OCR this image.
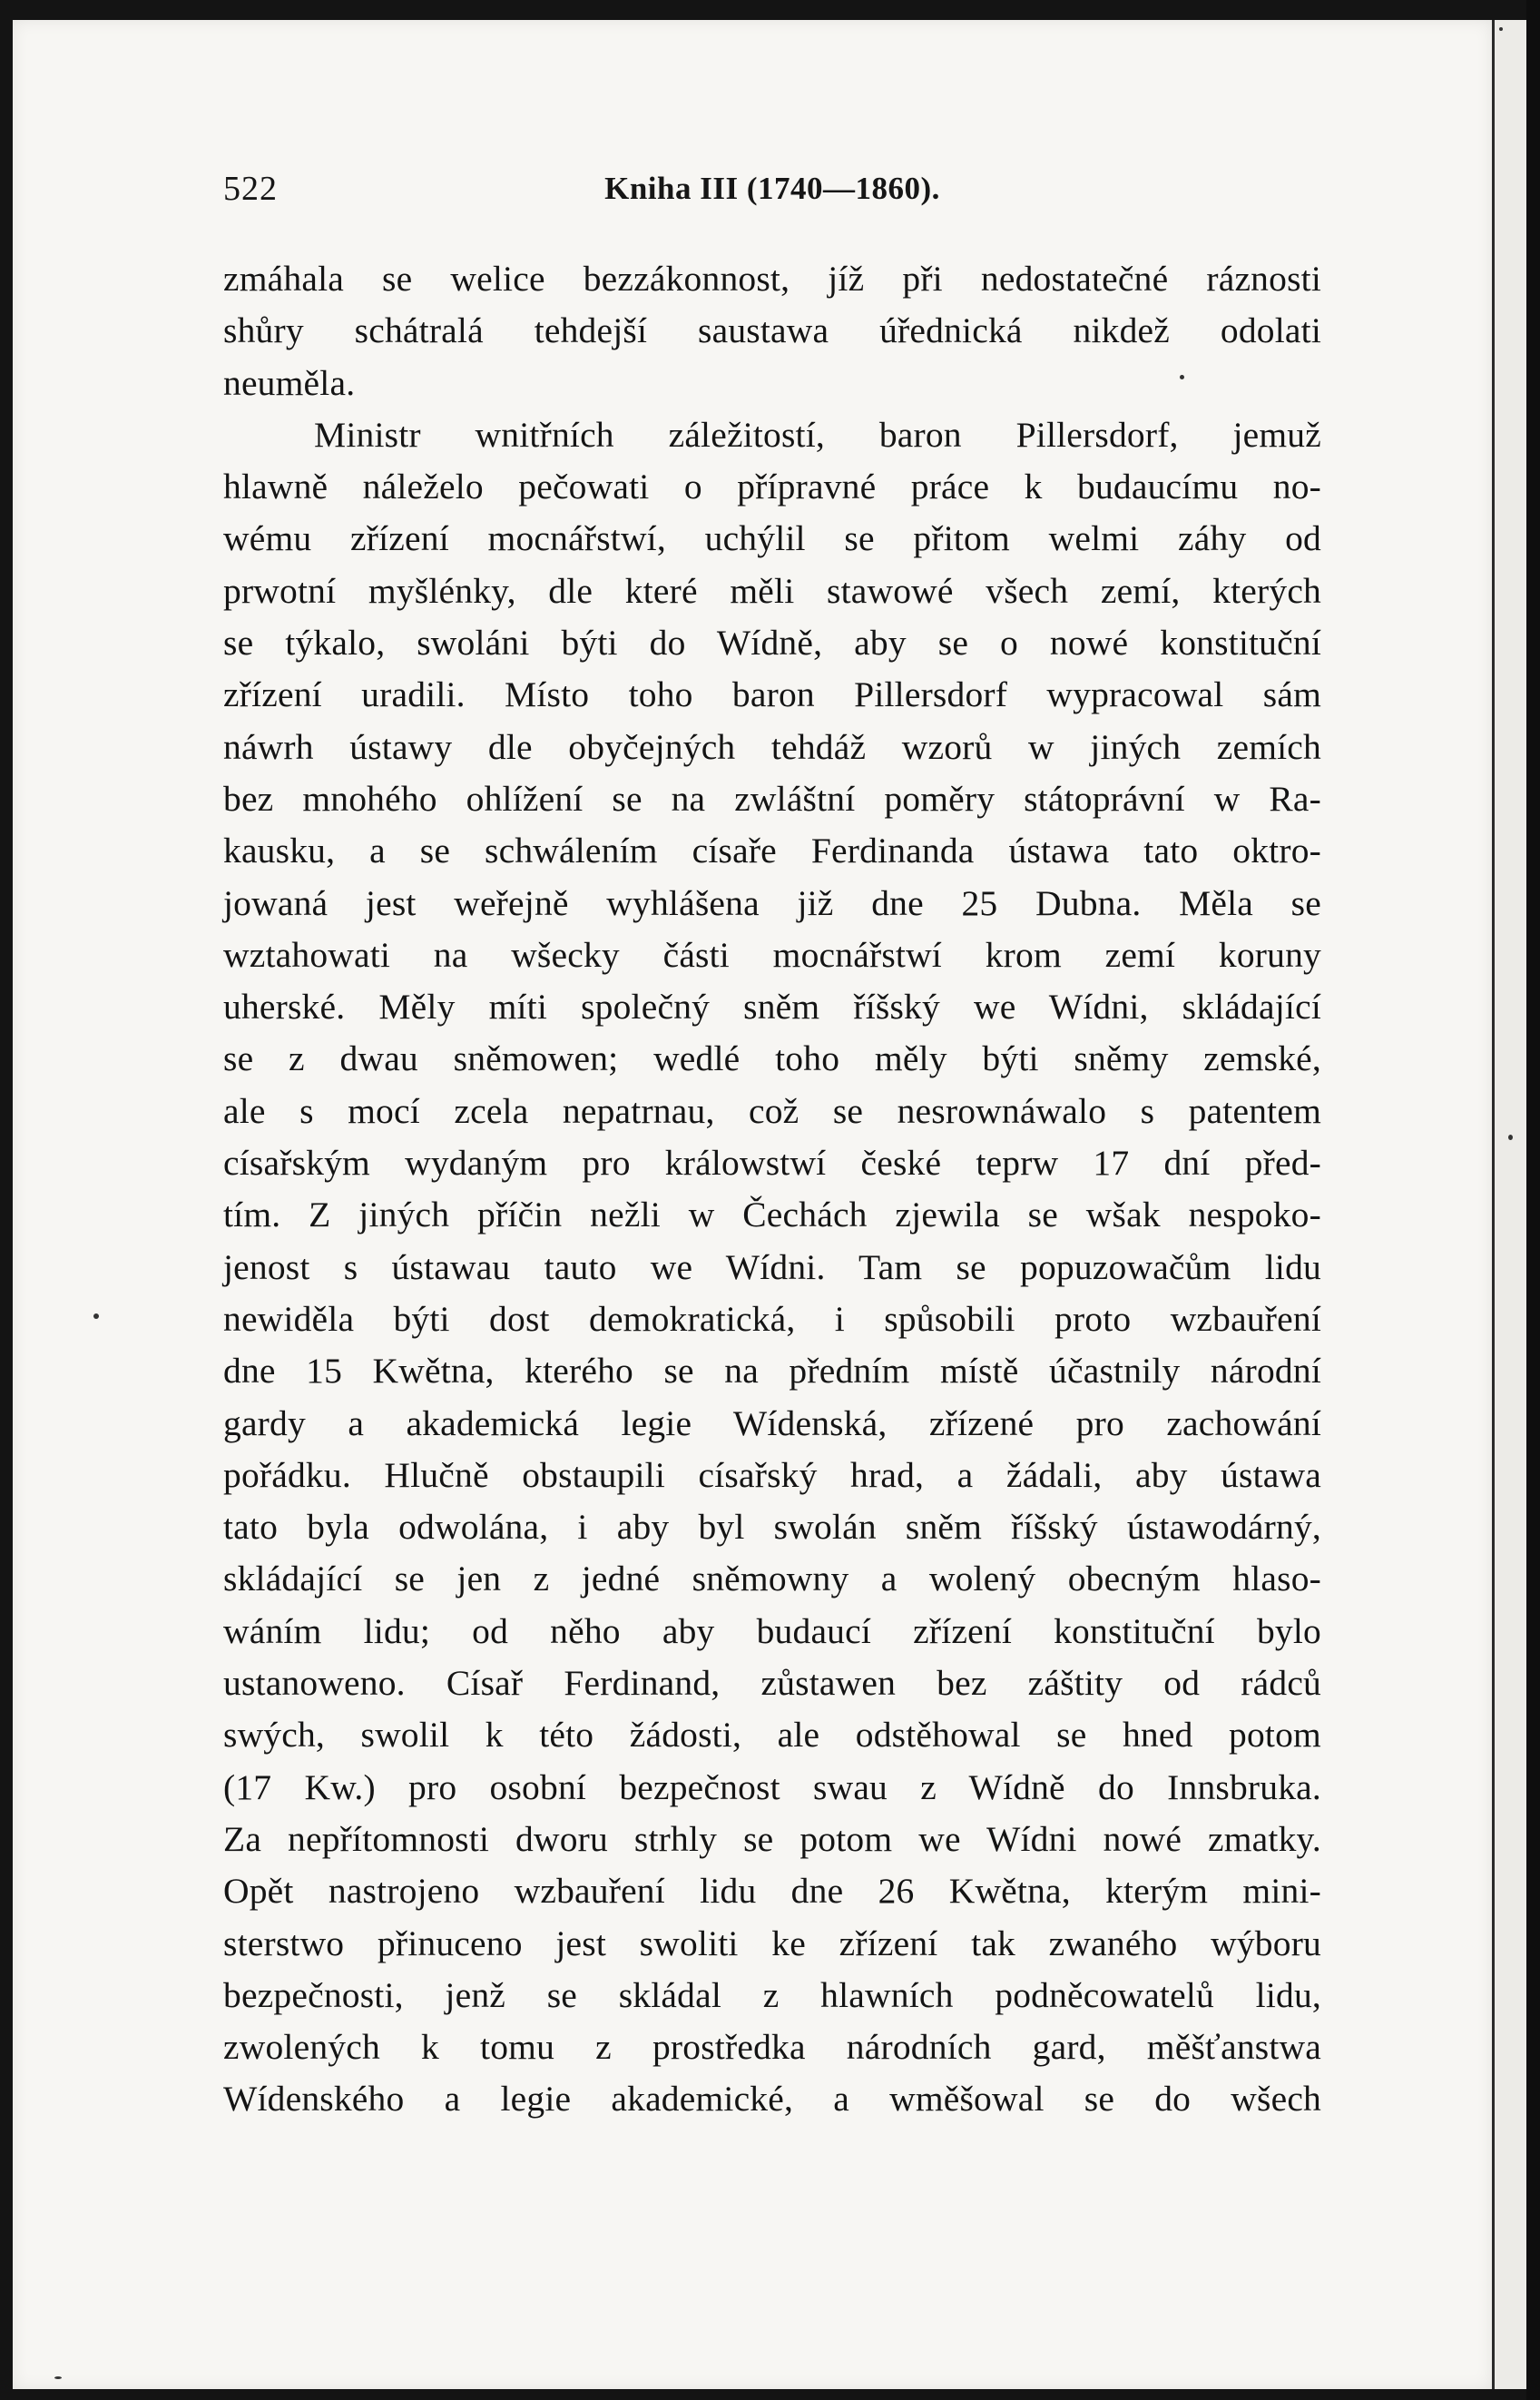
522	Kniha III (1740—1860).
zmáhala se welice bezzákonnost, jíž při nedostatečné ráznosti
shůry schátralá tehdejší saustawa úřednická nikdež odolati
neuměla.
Ministr wnitřních záležitostí, baron Pillersdorf, jemuž
hlawně náleželo pečowati o přípravné práce k budaucímu no-
wému zřízení mocnářstwí, uchýlil se přitom welmi záhy od
prwotní myšlénky, dle které měli stawowé všech zemí, kterých
se týkalo, swoláni býti do Wídně, aby se o nowé konstituční
zřízení uradili. Místo toho baron Pillersdorf wypracowal sám
náwrh ústawy dle obyčejných tehdáž wzorů w jiných zemích
bez mnohého ohlížení se na zwláštní poměry státoprávní w Ra-
kausku, a se schwálením císaře Ferdinanda ústawa tato oktro-
jowaná jest weřejně wyhlášena již dne 25 Dubna. Měla se
wztahowati na wšecky části mocnářstwí krom zemí koruny
uherské. Měly míti společný sněm říšský we Wídni, skládající
se z dwau sněmowen; wedlé toho měly býti sněmy zemské,
ale s mocí zcela nepatrnau, což se nesrownáwalo s patentem
císařským wydaným pro králowstwí české teprw 17 dní před-
tím. Z jiných příčin nežli w Čechách zjewila se wšak nespoko-
jenost s ústawau tauto we Wídni. Tam se popuzowačům lidu
newiděla býti dost demokratická, i spůsobili proto wzbauření
dne 15 Kwětna, kterého se na předním místě účastnily národní
gardy a akademická legie Wídenská, zřízené pro zachowání
pořádku. Hlučně obstaupili císařský hrad, a žádali, aby ústawa
tato byla odwolána, i aby byl swolán sněm říšský ústawodárný,
skládající se jen z jedné sněmowny a wolený obecným hlaso-
wáním lidu; od něho aby budaucí zřízení konstituční bylo
ustanoweno. Císař Ferdinand, zůstawen bez záštity od rádců
swých, swolil k této žádosti, ale odstěhowal se hned potom
(17 Kw.) pro osobní bezpečnost swau z Wídně do Innsbruka.
Za nepřítomnosti dworu strhly se potom we Wídni nowé zmatky.
Opět nastrojeno wzbauření lidu dne 26 Kwětna, kterým mini-
sterstwo přinuceno jest swoliti ke zřízení tak zwaného wýboru
bezpečnosti, jenž se skládal z hlawních podněcowatelů lidu,
zwolených k tomu z prostředka národních gard, měšťanstwa
Wídenského a legie akademické, a wměšowal se do wšech
